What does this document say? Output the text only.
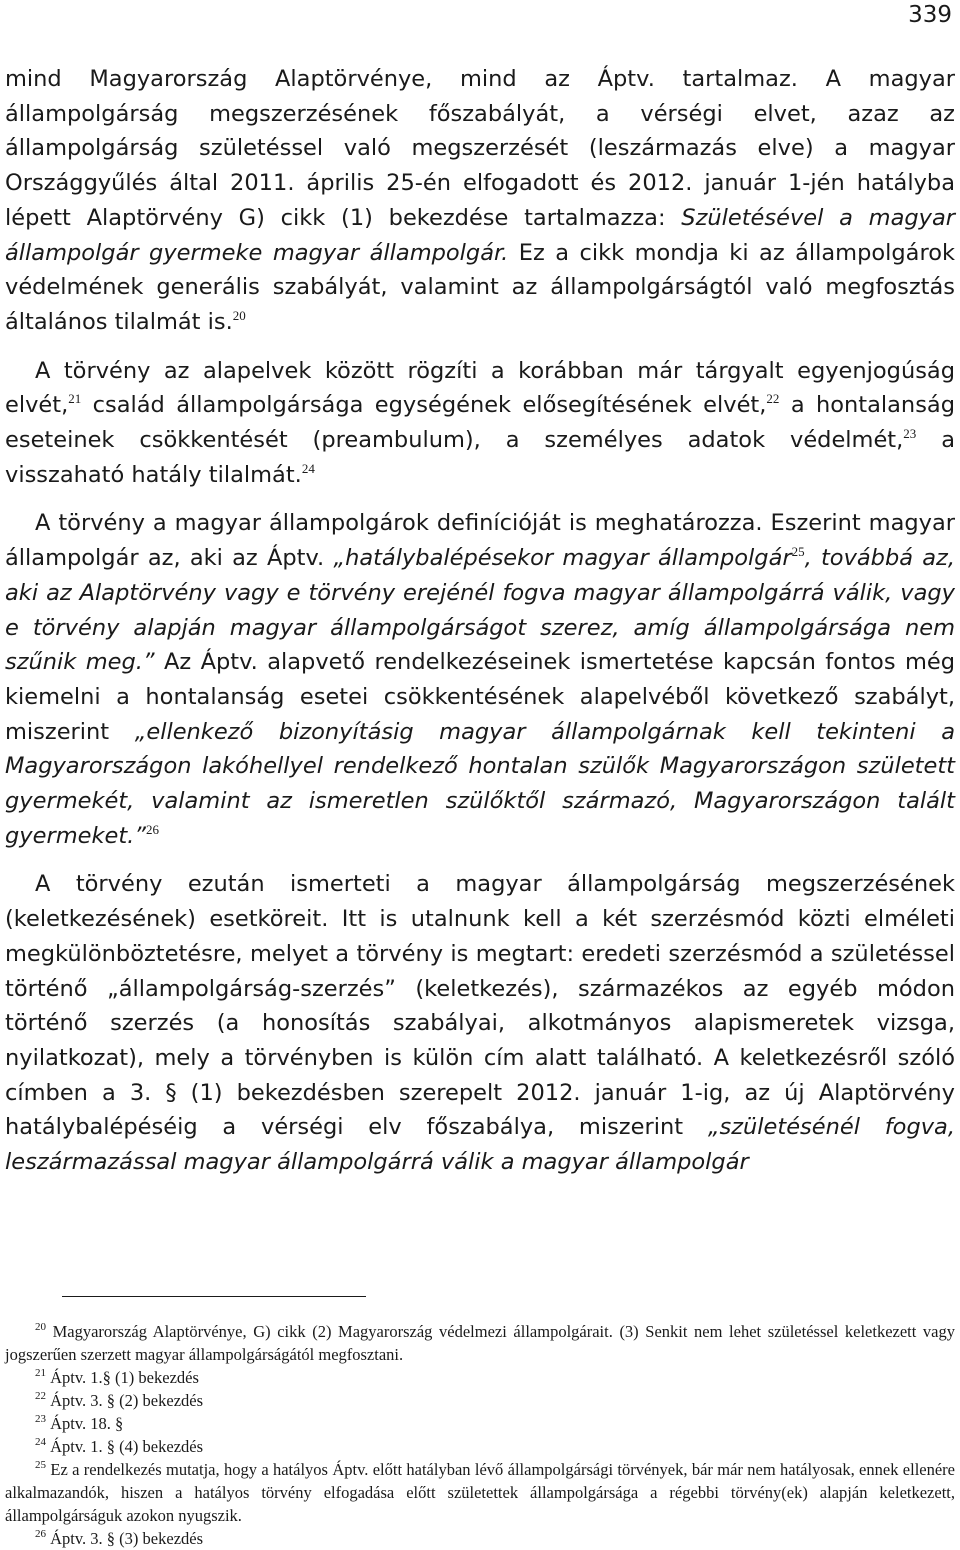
339

mind Magyarország Alaptörvénye, mind az Áptv. tartalmaz. A magyar állampolgárság megszerzésének főszabályát, a vérségi elvet, azaz az állampolgárság születéssel való megszerzését (leszármazás elve) a magyar Országgyűlés által 2011. április 25-én elfogadott és 2012. január 1-jén hatályba lépett Alaptörvény G) cikk (1) bekezdése tartalmazza: Születésével a magyar állampolgár gyermeke magyar állampolgár. Ez a cikk mondja ki az állampolgárok védelmének generális szabályát, valamint az állampolgárságtól való megfosztás általános tilalmát is.$^{20}$

A törvény az alapelvek között rögzíti a korábban már tárgyalt egyenjogúság elvét,$^{21}$ család állampolgársága egységének elősegítésének elvét,$^{22}$ a hontalanság eseteinek csökkentését (preambulum), a személyes adatok védelmét,$^{23}$ a visszaható hatály tilalmát.$^{24}$

A törvény a magyar állampolgárok definícióját is meghatározza. Eszerint magyar állampolgár az, aki az Áptv. „hatálybalépésekor magyar állampolgár$^{25}$, továbbá az, aki az Alaptörvény vagy e törvény erejénél fogva magyar állampolgárrá válik, vagy e törvény alapján magyar állampolgárságot szerez, amíg állampolgársága nem szűnik meg.” Az Áptv. alapvető rendelkezéseinek ismertetése kapcsán fontos még kiemelni a hontalanság esetei csökkentésének alapelvéből következő szabályt, miszerint „ellenkező bizonyításig magyar állampolgárnak kell tekinteni a Magyarországon lakóhellyel rendelkező hontalan szülők Magyarországon született gyermekét, valamint az ismeretlen szülőktől származó, Magyarországon talált gyermeket.”$^{26}$

A törvény ezután ismerteti a magyar állampolgárság megszerzésének (keletkezésének) esetköreit. Itt is utalnunk kell a két szerzésmód közti elméleti megkülönböztetésre, melyet a törvény is megtart: eredeti szerzésmód a születéssel történő „állampolgárság-szerzés” (keletkezés), származékos az egyéb módon történő szerzés (a honosítás szabályai, alkotmányos alapismeretek vizsga, nyilatkozat), mely a törvényben is külön cím alatt található. A keletkezésről szóló címben a 3. § (1) bekezdésben szerepelt 2012. január 1-ig, az új Alaptörvény hatálybalépéséig a vérségi elv főszabálya, miszerint „születésénél fogva, leszármazással magyar állampolgárrá válik a magyar állampolgár

$^{20}$ Magyarország Alaptörvénye, G) cikk (2) Magyarország védelmezi állampolgárait. (3) Senkit nem lehet születéssel keletkezett vagy jogszerűen szerzett magyar állampolgárságától megfosztani.

$^{21}$ Áptv. 1.§ (1) bekezdés

$^{22}$ Áptv. 3. § (2) bekezdés

$^{23}$ Áptv. 18. §

$^{24}$ Áptv. 1. § (4) bekezdés

$^{25}$ Ez a rendelkezés mutatja, hogy a hatályos Áptv. előtt hatályban lévő állampolgársági törvények, bár már nem hatályosak, ennek ellenére alkalmazandók, hiszen a hatályos törvény elfogadása előtt születettek állampolgársága a régebbi törvény(ek) alapján keletkezett, állampolgárságuk azokon nyugszik.

$^{26}$ Áptv. 3. § (3) bekezdés
